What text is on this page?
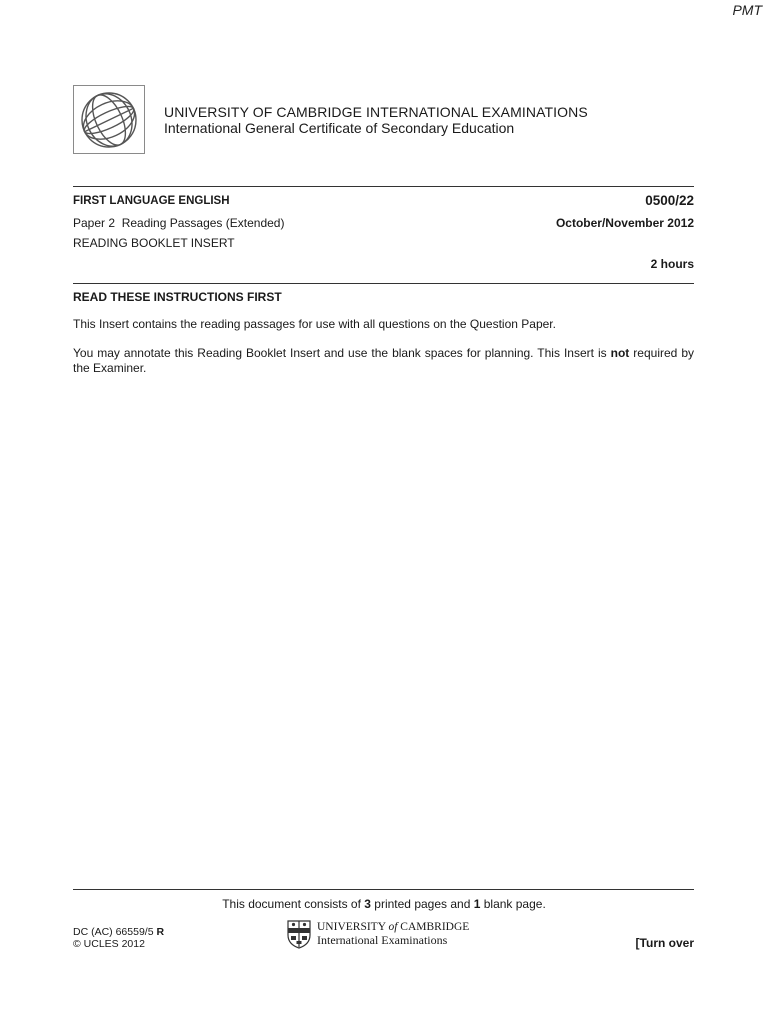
PMT
UNIVERSITY OF CAMBRIDGE INTERNATIONAL EXAMINATIONS
International General Certificate of Secondary Education
FIRST LANGUAGE ENGLISH	0500/22
Paper 2  Reading Passages (Extended)	October/November 2012
READING BOOKLET INSERT
2 hours
READ THESE INSTRUCTIONS FIRST
This Insert contains the reading passages for use with all questions on the Question Paper.
You may annotate this Reading Booklet Insert and use the blank spaces for planning. This Insert is not required by the Examiner.
This document consists of 3 printed pages and 1 blank page.
DC (AC) 66559/5 R
© UCLES 2012
UNIVERSITY of CAMBRIDGE
International Examinations	[Turn over
